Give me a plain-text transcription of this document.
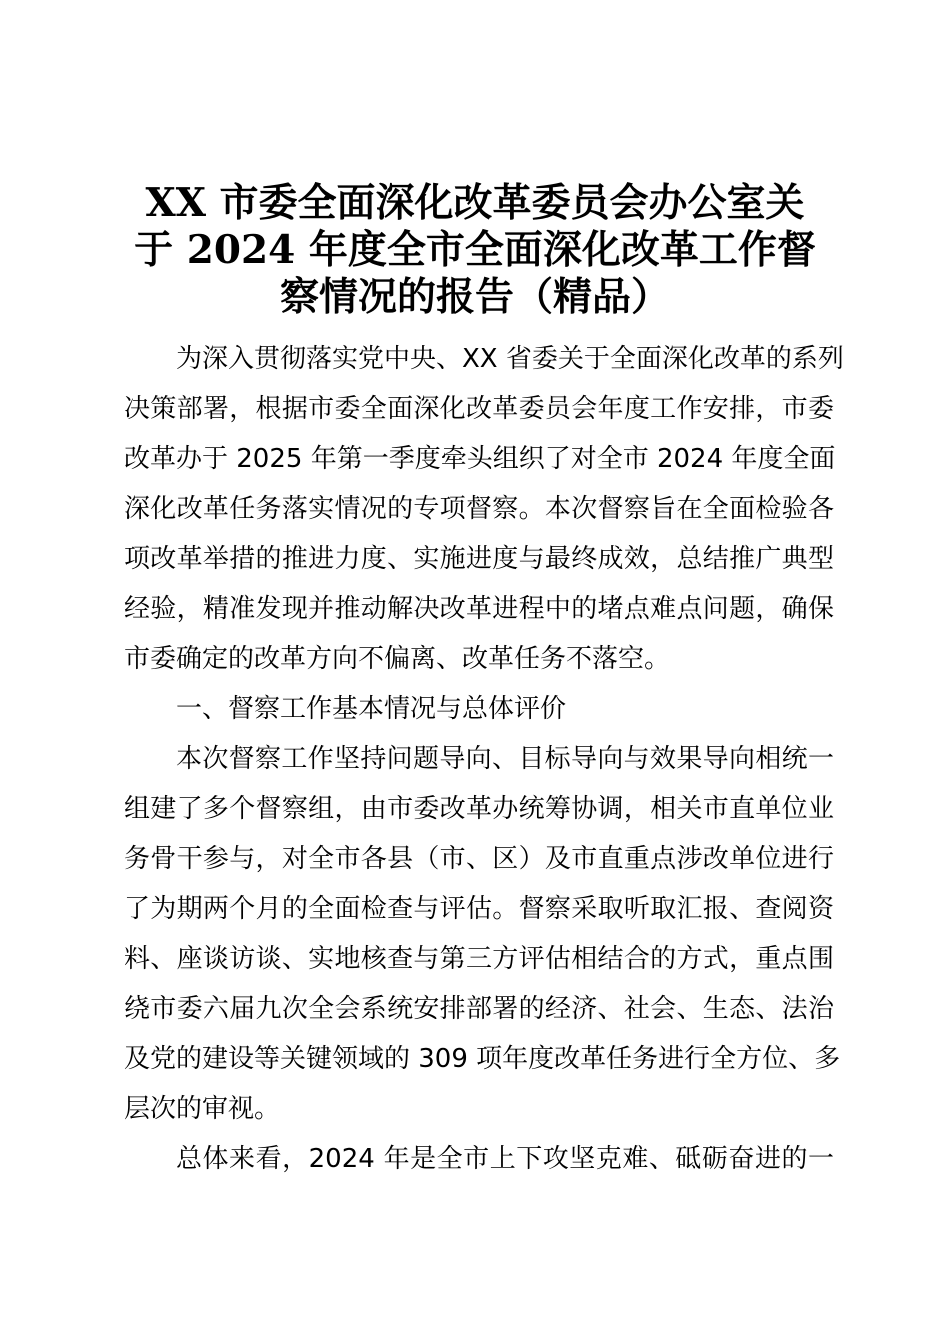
XX 市委全面深化改革委员会办公室关
于 2024 年度全市全面深化改革工作督
察情况的报告（精品）
为深入贯彻落实党中央、XX 省委关于全面深化改革的系列
决策部署，根据市委全面深化改革委员会年度工作安排，市委
改革办于 2025 年第一季度牵头组织了对全市 2024 年度全面
深化改革任务落实情况的专项督察。本次督察旨在全面检验各
项改革举措的推进力度、实施进度与最终成效，总结推广典型
经验，精准发现并推动解决改革进程中的堵点难点问题，确保
市委确定的改革方向不偏离、改革任务不落空。
一、督察工作基本情况与总体评价
本次督察工作坚持问题导向、目标导向与效果导向相统一
组建了多个督察组，由市委改革办统筹协调，相关市直单位业
务骨干参与，对全市各县（市、区）及市直重点涉改单位进行
了为期两个月的全面检查与评估。督察采取听取汇报、查阅资
料、座谈访谈、实地核查与第三方评估相结合的方式，重点围
绕市委六届九次全会系统安排部署的经济、社会、生态、法治
及党的建设等关键领域的 309 项年度改革任务进行全方位、多
层次的审视。
总体来看，2024 年是全市上下攻坚克难、砥砺奋进的一
